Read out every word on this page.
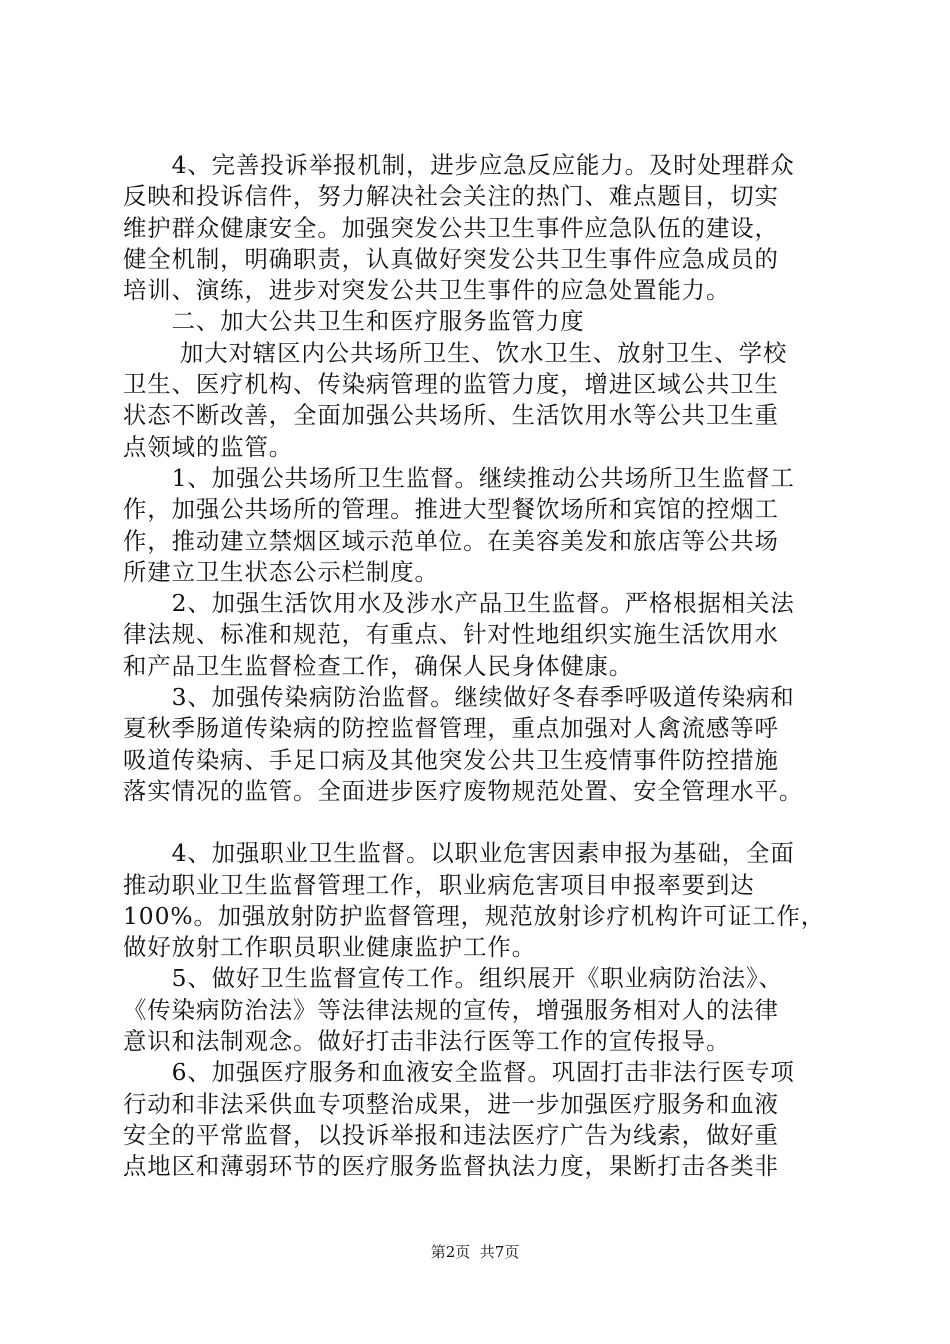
　　4、完善投诉举报机制，进步应急反应能力。及时处理群众
反映和投诉信件，努力解决社会关注的热门、难点题目，切实
维护群众健康安全。加强突发公共卫生事件应急队伍的建设，
健全机制，明确职责，认真做好突发公共卫生事件应急成员的
培训、演练，进步对突发公共卫生事件的应急处置能力。
　　二、加大公共卫生和医疗服务监管力度
　　 加大对辖区内公共场所卫生、饮水卫生、放射卫生、学校
卫生、医疗机构、传染病管理的监管力度，增进区域公共卫生
状态不断改善，全面加强公共场所、生活饮用水等公共卫生重
点领域的监管。
　　1、加强公共场所卫生监督。继续推动公共场所卫生监督工
作，加强公共场所的管理。推进大型餐饮场所和宾馆的控烟工
作，推动建立禁烟区域示范单位。在美容美发和旅店等公共场
所建立卫生状态公示栏制度。
　　2、加强生活饮用水及涉水产品卫生监督。严格根据相关法
律法规、标准和规范，有重点、针对性地组织实施生活饮用水
和产品卫生监督检查工作，确保人民身体健康。
　　3、加强传染病防治监督。继续做好冬春季呼吸道传染病和
夏秋季肠道传染病的防控监督管理，重点加强对人禽流感等呼
吸道传染病、手足口病及其他突发公共卫生疫情事件防控措施
落实情况的监管。全面进步医疗废物规范处置、安全管理水平。
　　4、加强职业卫生监督。以职业危害因素申报为基础，全面
推动职业卫生监督管理工作，职业病危害项目申报率要到达
100%。加强放射防护监督管理，规范放射诊疗机构许可证工作，
做好放射工作职员职业健康监护工作。
　　5、做好卫生监督宣传工作。组织展开《职业病防治法》、
《传染病防治法》等法律法规的宣传，增强服务相对人的法律
意识和法制观念。做好打击非法行医等工作的宣传报导。
　　6、加强医疗服务和血液安全监督。巩固打击非法行医专项
行动和非法采供血专项整治成果，进一步加强医疗服务和血液
安全的平常监督，以投诉举报和违法医疗广告为线索，做好重
点地区和薄弱环节的医疗服务监督执法力度，果断打击各类非
第2页  共7页
